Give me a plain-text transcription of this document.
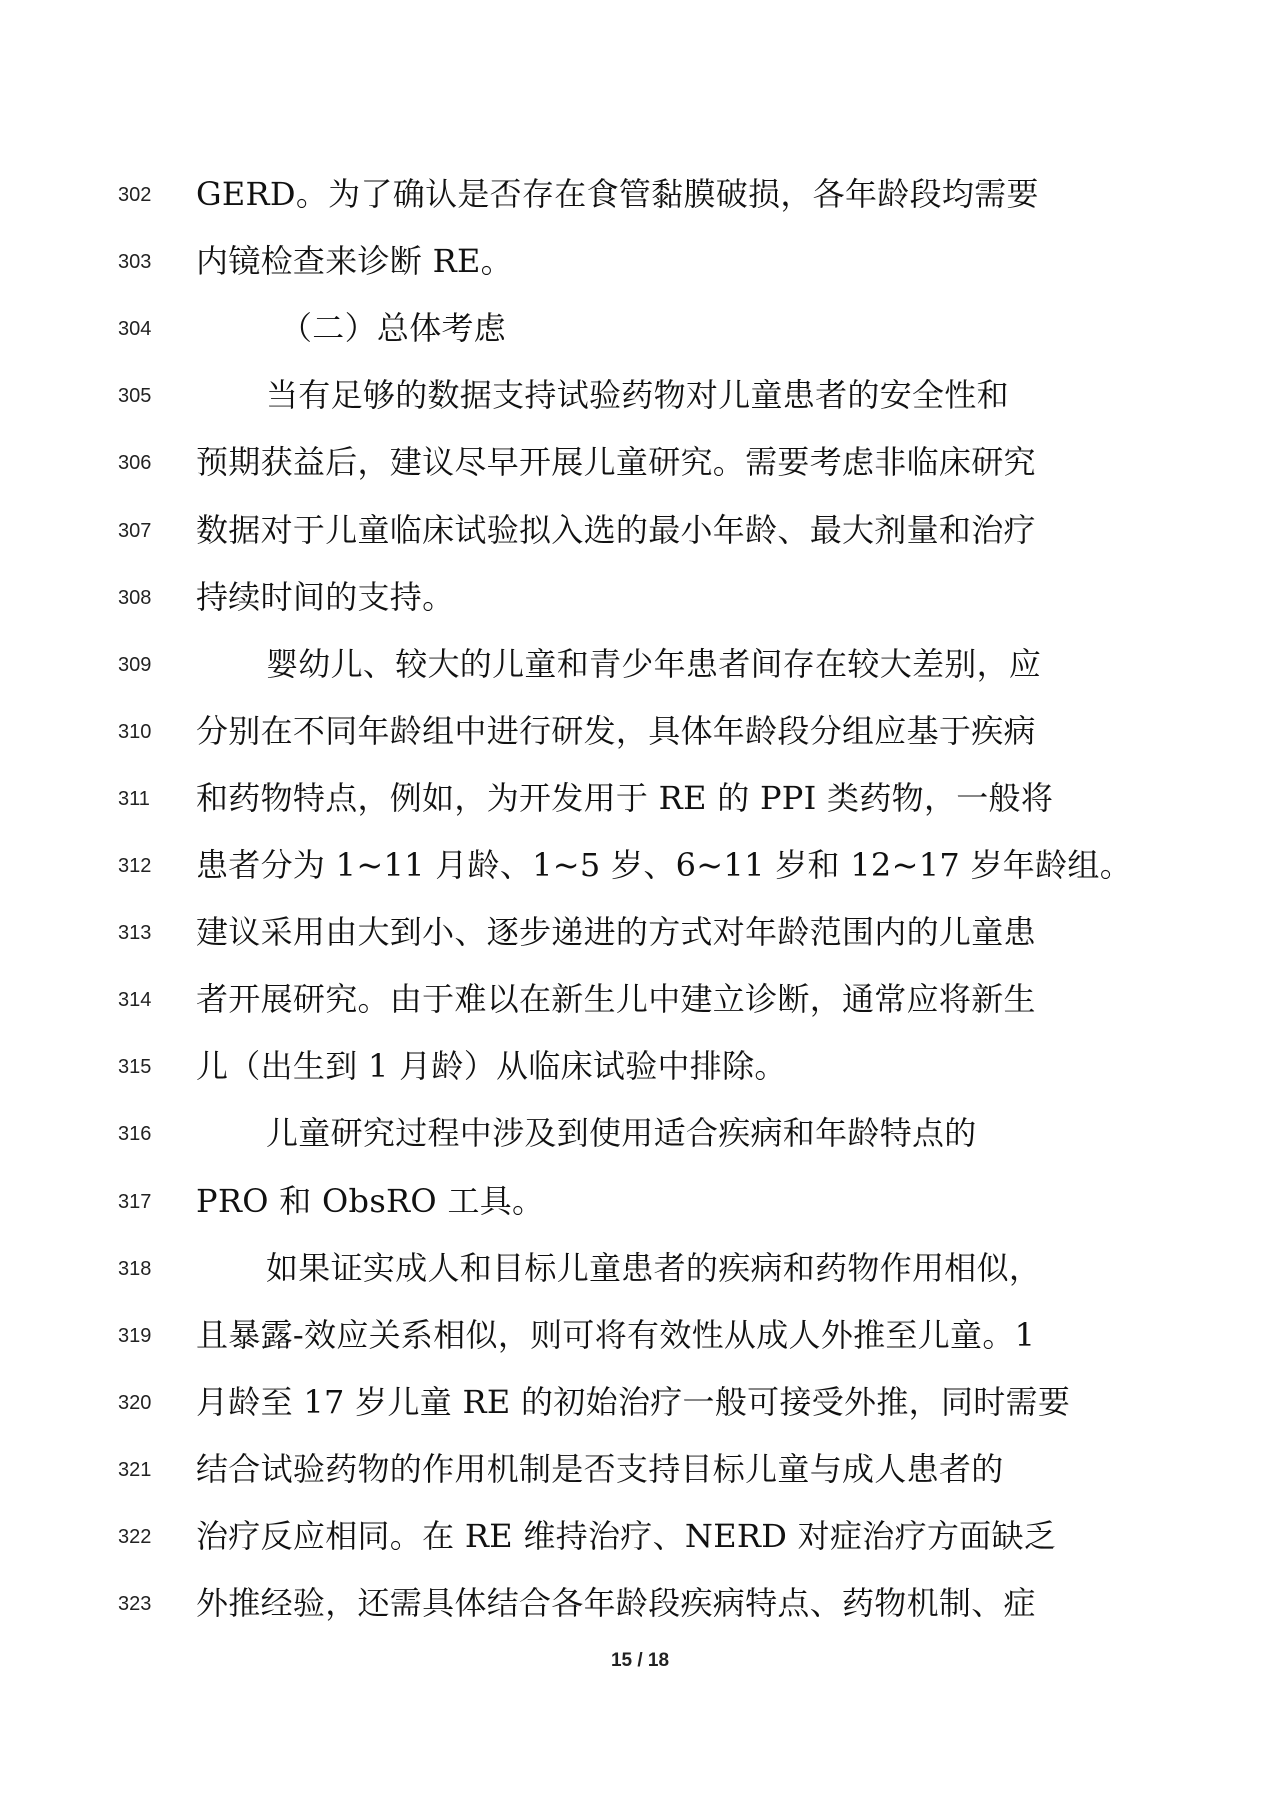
302 GERD。为了确认是否存在食管黏膜破损，各年龄段均需要
303 内镜检查来诊断 RE。
304	（二）总体考虑
305	当有足够的数据支持试验药物对儿童患者的安全性和
306 预期获益后，建议尽早开展儿童研究。需要考虑非临床研究
307 数据对于儿童临床试验拟入选的最小年龄、最大剂量和治疗
308 持续时间的支持。
309	婴幼儿、较大的儿童和青少年患者间存在较大差别，应
310 分别在不同年龄组中进行研发，具体年龄段分组应基于疾病
311 和药物特点，例如，为开发用于 RE 的 PPI 类药物，一般将
312 患者分为 1~11 月龄、1~5 岁、6~11 岁和 12~17 岁年龄组。
313 建议采用由大到小、逐步递进的方式对年龄范围内的儿童患
314 者开展研究。由于难以在新生儿中建立诊断，通常应将新生
315 儿（出生到 1 月龄）从临床试验中排除。
316	儿童研究过程中涉及到使用适合疾病和年龄特点的
317 PRO 和 ObsRO 工具。
318	如果证实成人和目标儿童患者的疾病和药物作用相似，
319 且暴露-效应关系相似，则可将有效性从成人外推至儿童。1
320 月龄至 17 岁儿童 RE 的初始治疗一般可接受外推，同时需要
321 结合试验药物的作用机制是否支持目标儿童与成人患者的
322 治疗反应相同。在 RE 维持治疗、NERD 对症治疗方面缺乏
323 外推经验，还需具体结合各年龄段疾病特点、药物机制、症
15 / 18
